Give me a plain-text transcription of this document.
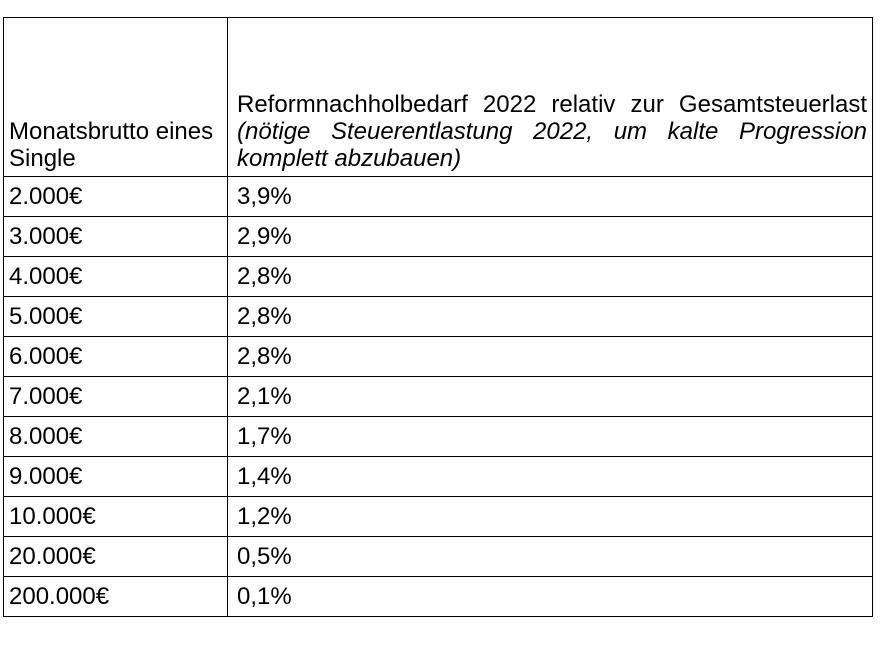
Monatsbrutto eines Single	Reformnachholbedarf 2022 relativ zur Gesamtsteuerlast (nötige Steuerentlastung 2022, um kalte Progression komplett abzubauen)
2.000€	3,9%
3.000€	2,9%
4.000€	2,8%
5.000€	2,8%
6.000€	2,8%
7.000€	2,1%
8.000€	1,7%
9.000€	1,4%
10.000€	1,2%
20.000€	0,5%
200.000€	0,1%
